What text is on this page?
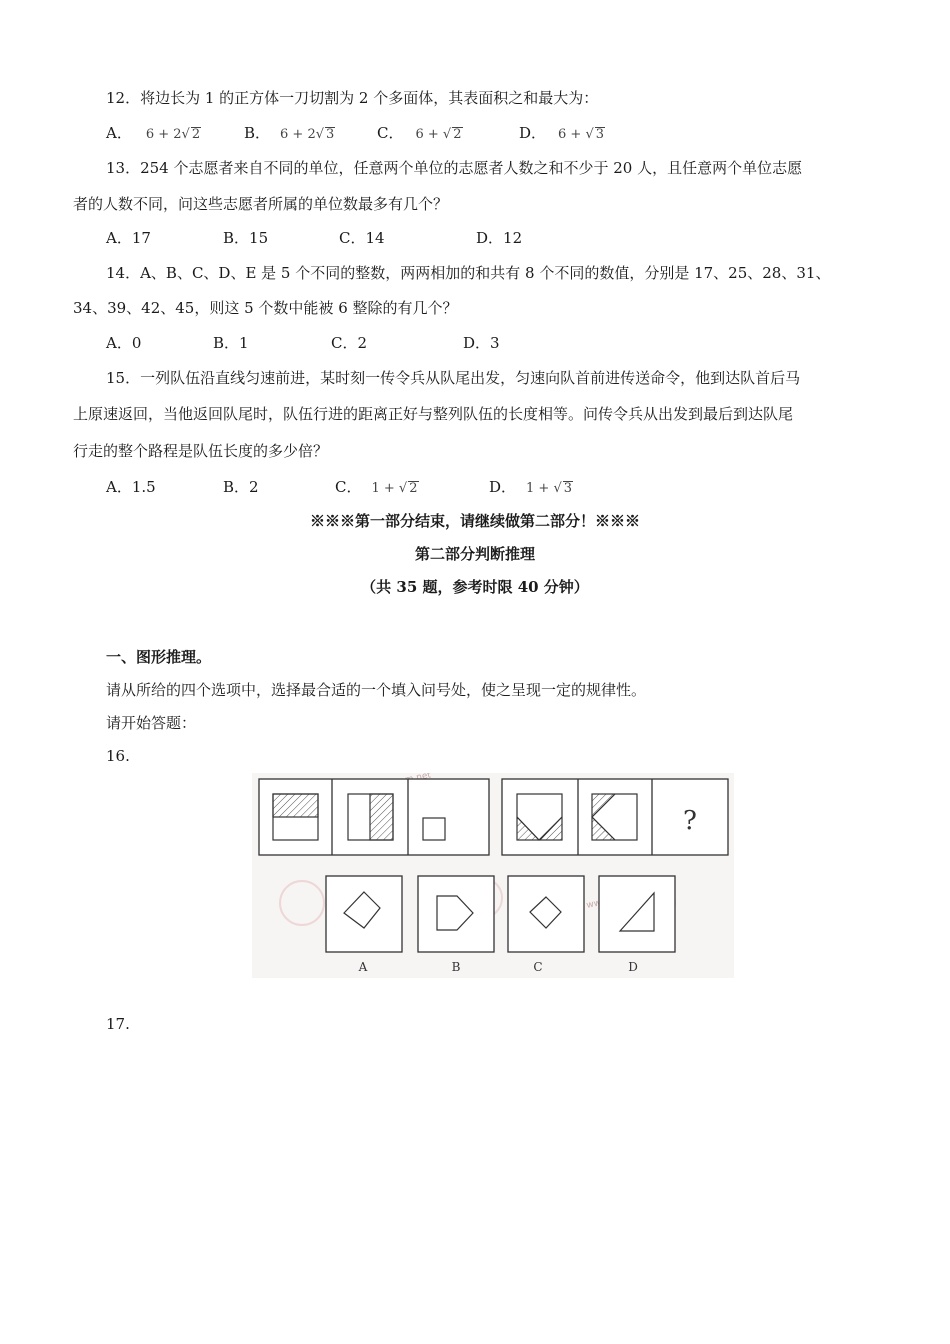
12．将边长为 1 的正方体一刀切割为 2 个多面体，其表面积之和最大为：
A． 6 + 2√ 2	B． 6 + 2√ 3	C． 6 + √ 2	D． 6 + √ 3
13．254 个志愿者来自不同的单位，任意两个单位的志愿者人数之和不少于 20 人，且任意两个单位志愿
者的人数不同，问这些志愿者所属的单位数最多有几个？
A．17	B．15	C．14	D．12
14．A、B、C、D、E 是 5 个不同的整数，两两相加的和共有 8 个不同的数值，分别是 17、25、28、31、
34、39、42、45，则这 5 个数中能被 6 整除的有几个？
A．0	B．1	C．2	D．3
15．一列队伍沿直线匀速前进，某时刻一传令兵从队尾出发，匀速向队首前进传送命令，他到达队首后马
上原速返回，当他返回队尾时，队伍行进的距离正好与整列队伍的长度相等。问传令兵从出发到最后到达队尾
行走的整个路程是队伍长度的多少倍？
A．1.5	B．2	C． 1 + √ 2	D． 1 + √ 3
※※※第一部分结束，请继续做第二部分！※※※
第二部分判断推理
（共 35 题，参考时限 40 分钟）
一、图形推理。
请从所给的四个选项中，选择最合适的一个填入问号处，使之呈现一定的规律性。
请开始答题：
16.
?
A	B	C	D
17.
